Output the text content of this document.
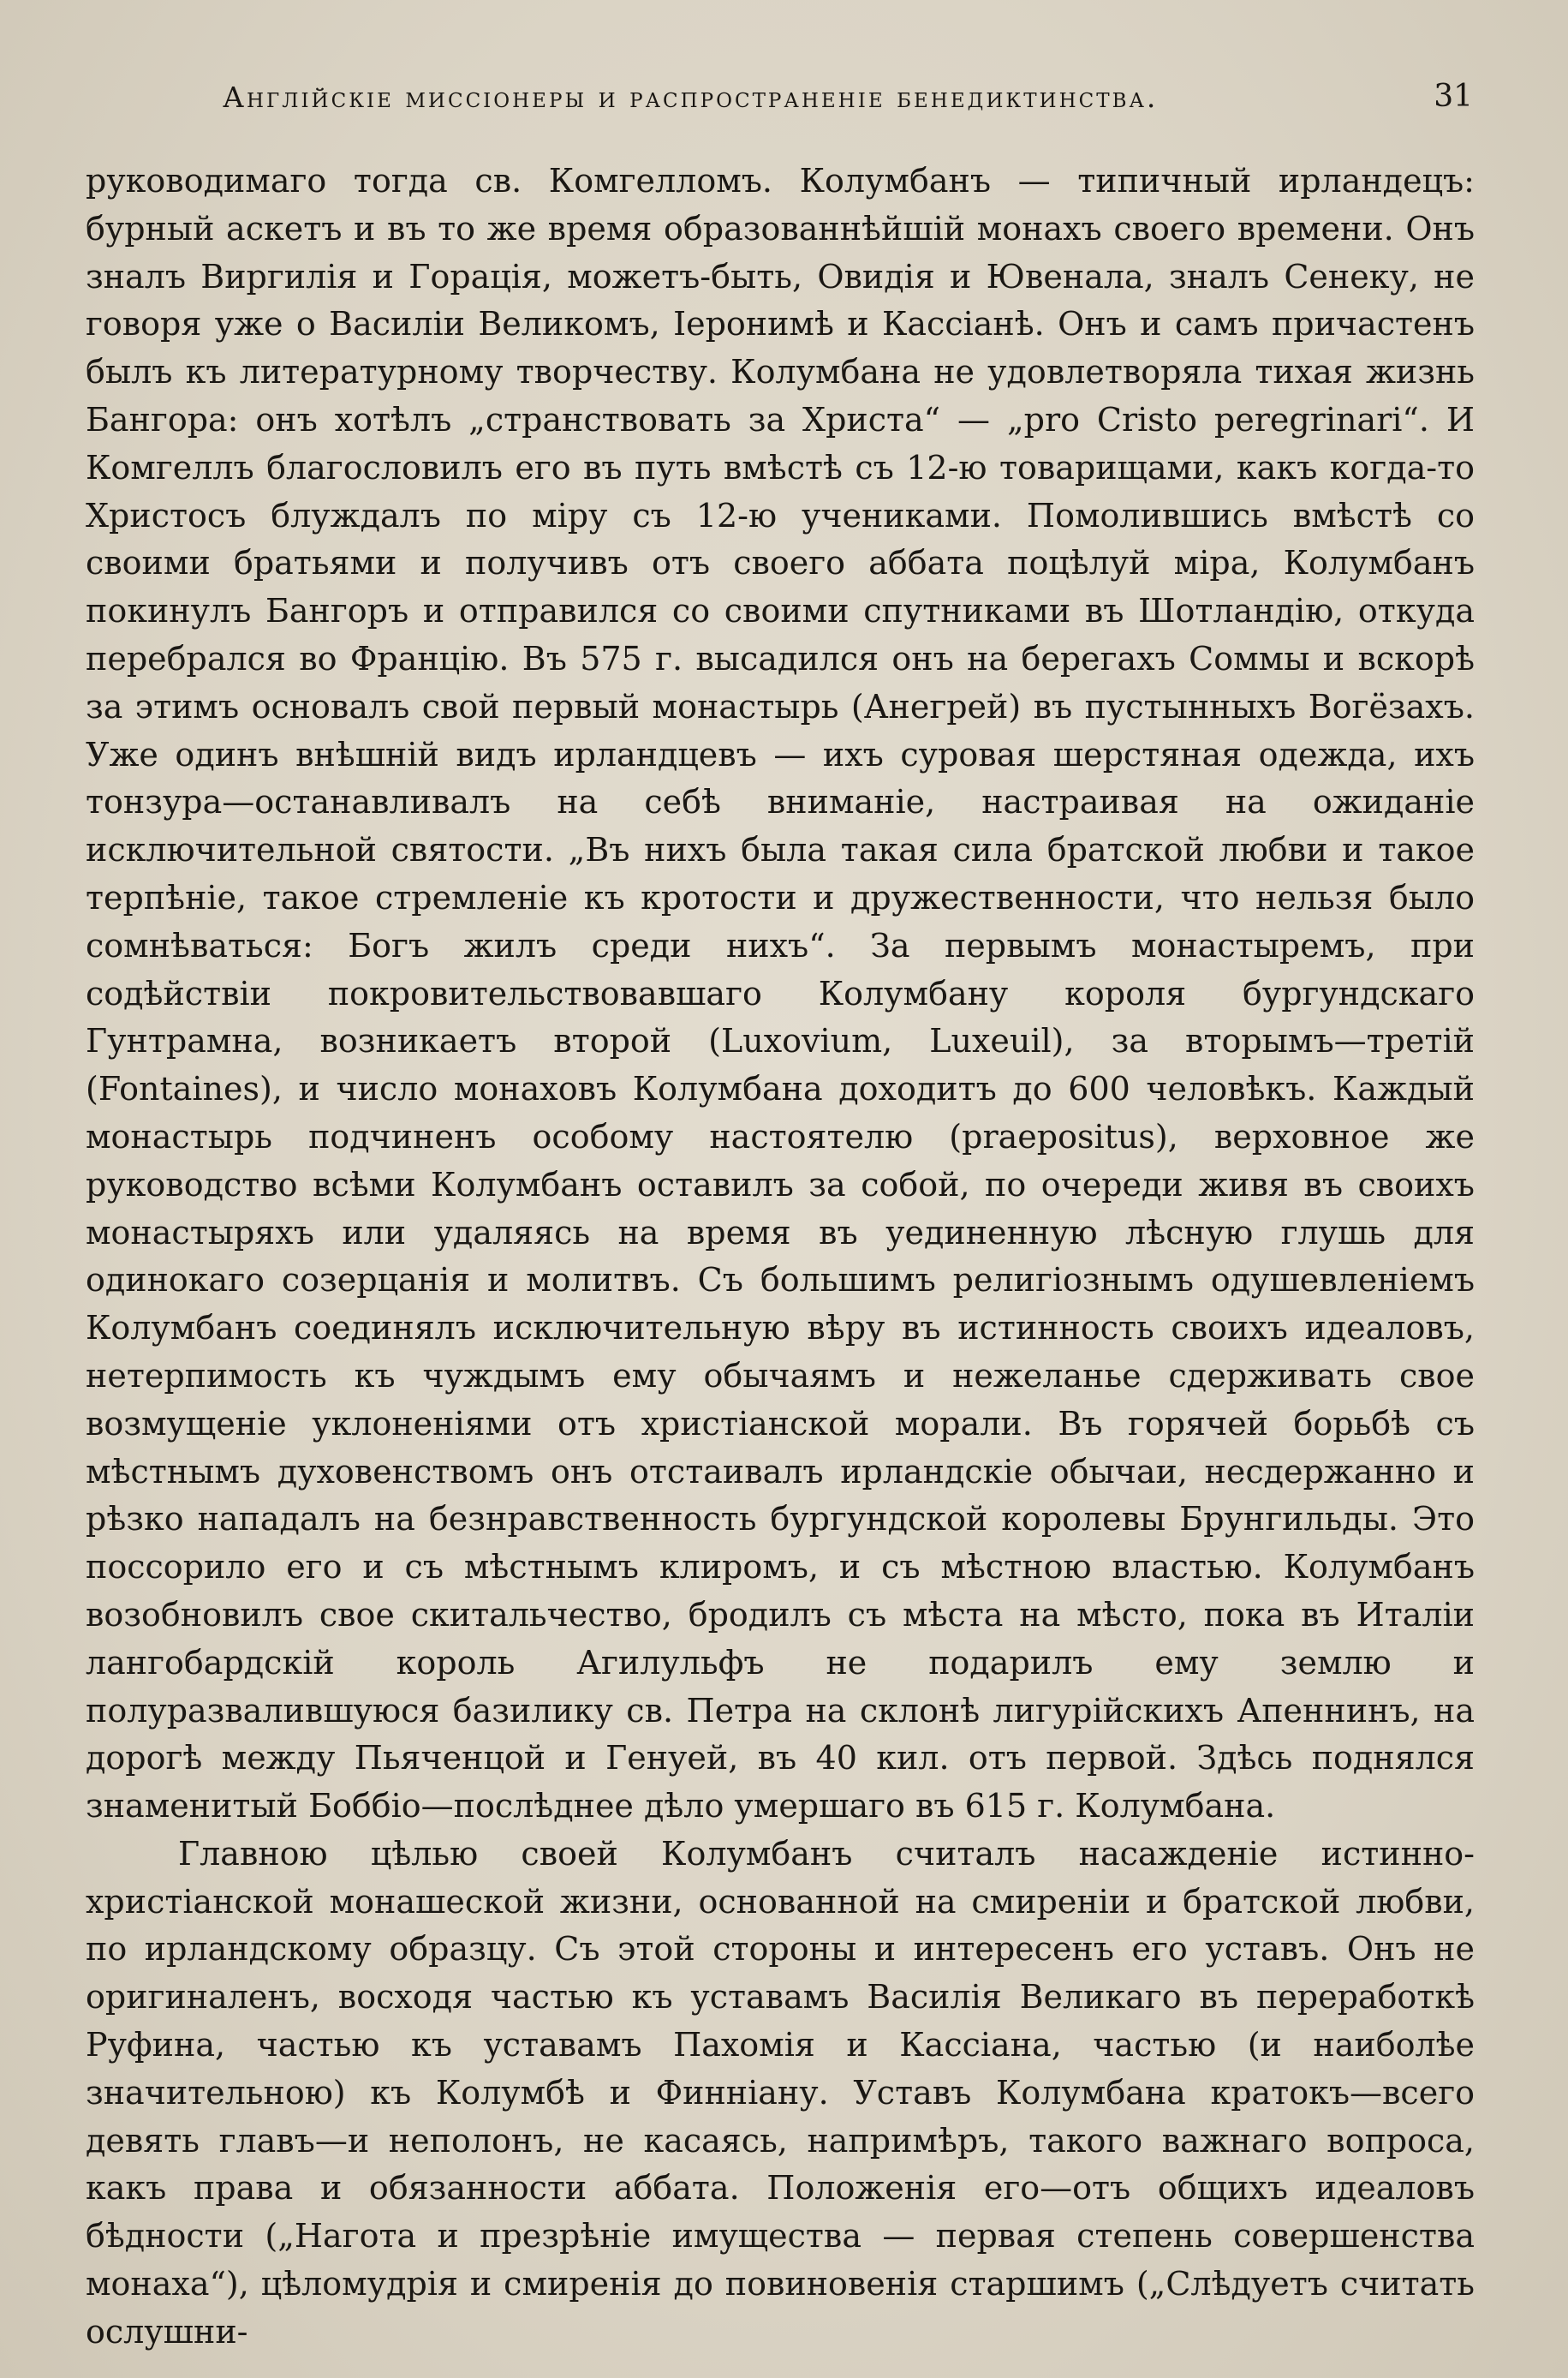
Англійскіе миссіонеры и распространеніе бенедиктинства.	31

руководимаго тогда св. Комгелломъ. Колумбанъ — типичный ирландецъ: бурный аскетъ и въ то же время образованнѣйшій монахъ своего времени. Онъ зналъ Виргилія и Горація, можетъ-быть, Овидія и Ювенала, зналъ Сенеку, не говоря уже о Василіи Великомъ, Іеронимѣ и Кассіанѣ. Онъ и самъ причастенъ былъ къ литературному творчеству. Колумбана не удовлетворяла тихая жизнь Бангора: онъ хотѣлъ „странствовать за Христа“ — „pro Cristo peregrinari“. И Комгеллъ благословилъ его въ путь вмѣстѣ съ 12-ю товарищами, какъ когда-то Христосъ блуждалъ по міру съ 12-ю учениками. Помолившись вмѣстѣ со своими братьями и получивъ отъ своего аббата поцѣлуй міра, Колумбанъ покинулъ Бангоръ и отправился со своими спутниками въ Шотландію, откуда перебрался во Францію. Въ 575 г. высадился онъ на берегахъ Соммы и вскорѣ за этимъ основалъ свой первый монастырь (Анегрей) въ пустынныхъ Вогёзахъ. Уже одинъ внѣшній видъ ирландцевъ — ихъ суровая шерстяная одежда, ихъ тонзура—останавливалъ на себѣ вниманіе, настраивая на ожиданіе исключительной святости. „Въ нихъ была такая сила братской любви и такое терпѣніе, такое стремленіе къ кротости и дружественности, что нельзя было сомнѣваться: Богъ жилъ среди нихъ“. За первымъ монастыремъ, при содѣйствіи покровительствовавшаго Колумбану короля бургундскаго Гунтрамна, возникаетъ второй (Luxovium, Luxeuil), за вторымъ—третій (Fontaines), и число монаховъ Колумбана доходитъ до 600 человѣкъ. Каждый монастырь подчиненъ особому настоятелю (praepositus), верховное же руководство всѣми Колумбанъ оставилъ за собой, по очереди живя въ своихъ монастыряхъ или удаляясь на время въ уединенную лѣсную глушь для одинокаго созерцанія и молитвъ. Съ большимъ религіознымъ одушевленіемъ Колумбанъ соединялъ исключительную вѣру въ истинность своихъ идеаловъ, нетерпимость къ чуждымъ ему обычаямъ и нежеланье сдерживать свое возмущеніе уклоненіями отъ христіанской морали. Въ горячей борьбѣ съ мѣстнымъ духовенствомъ онъ отстаивалъ ирландскіе обычаи, несдержанно и рѣзко нападалъ на безнравственность бургундской королевы Брунгильды. Это поссорило его и съ мѣстнымъ клиромъ, и съ мѣстною властью. Колумбанъ возобновилъ свое скитальчество, бродилъ съ мѣста на мѣсто, пока въ Италіи лангобардскій король Агилульфъ не подарилъ ему землю и полуразвалившуюся базилику св. Петра на склонѣ лигурійскихъ Апеннинъ, на дорогѣ между Пьяченцой и Генуей, въ 40 кил. отъ первой. Здѣсь поднялся знаменитый Боббіо—послѣднее дѣло умершаго въ 615 г. Колумбана.

Главною цѣлью своей Колумбанъ считалъ насажденіе истинно-христіанской монашеской жизни, основанной на смиреніи и братской любви, по ирландскому образцу. Съ этой стороны и интересенъ его уставъ. Онъ не оригиналенъ, восходя частью къ уставамъ Василія Великаго въ переработкѣ Руфина, частью къ уставамъ Пахомія и Кассіана, частью (и наиболѣе значительною) къ Колумбѣ и Финніану. Уставъ Колумбана кратокъ—всего девять главъ—и неполонъ, не касаясь, напримѣръ, такого важнаго вопроса, какъ права и обязанности аббата. Положенія его—отъ общихъ идеаловъ бѣдности („Нагота и презрѣніе имущества — первая степень совершенства монаха“), цѣломудрія и смиренія до повиновенія старшимъ („Слѣдуетъ считать ослушни-
